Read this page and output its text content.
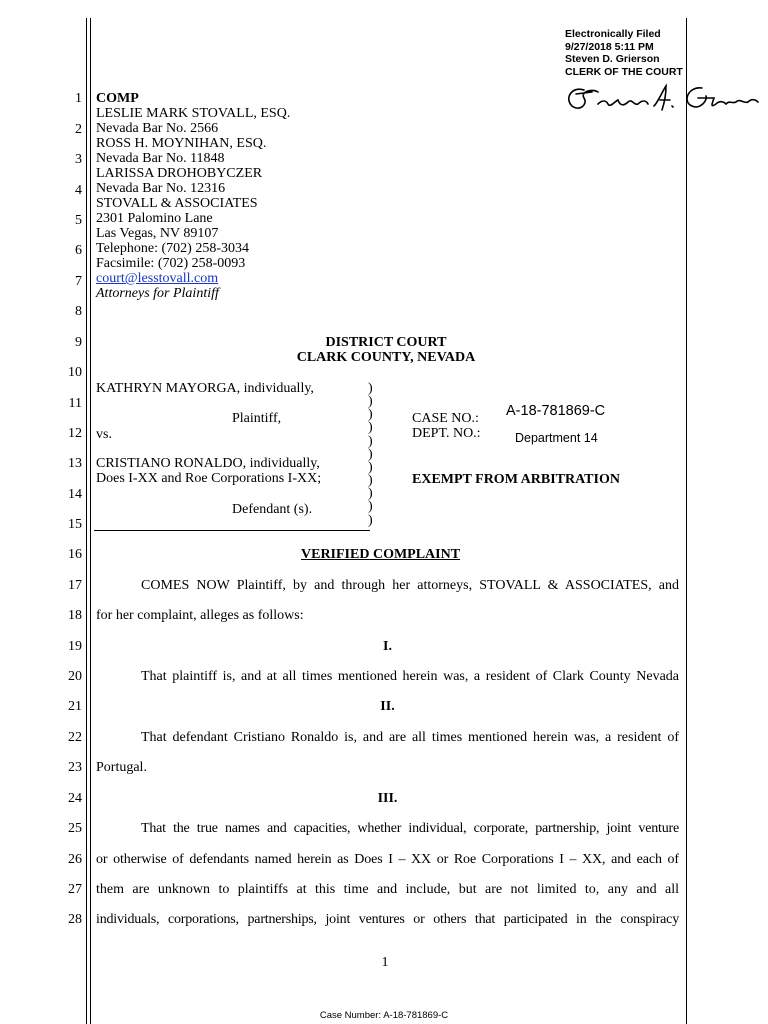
Electronically Filed
9/27/2018 5:11 PM
Steven D. Grierson
CLERK OF THE COURT
1
2
3
4
5
6
7
8
9
10
11
12
13
14
15
16
17
18
19
20
21
22
23
24
25
26
27
28
COMP
LESLIE MARK STOVALL, ESQ.
Nevada Bar No. 2566
ROSS H. MOYNIHAN, ESQ.
Nevada Bar No. 11848
LARISSA DROHOBYCZER
Nevada Bar No. 12316
STOVALL & ASSOCIATES
2301 Palomino Lane
Las Vegas, NV 89107
Telephone: (702) 258-3034
Facsimile: (702) 258-0093
court@lesstovall.com
Attorneys for Plaintiff
DISTRICT COURT
CLARK COUNTY, NEVADA
KATHRYN MAYORGA, individually,
Plaintiff,
vs.
CRISTIANO RONALDO, individually,
Does I-XX and Roe Corporations I-XX;
Defendant (s).
)
)
)
)
)
)
)
)
)
)
)
CASE NO.: A-18-781869-C
DEPT. NO.:	Department 14
EXEMPT FROM ARBITRATION
VERIFIED COMPLAINT
COMES NOW Plaintiff, by and through her attorneys, STOVALL & ASSOCIATES, and
for her complaint, alleges as follows:
I.
That plaintiff is, and at all times mentioned herein was, a resident of Clark County Nevada
II.
That defendant Cristiano Ronaldo is, and are all times mentioned herein was, a resident of
Portugal.
III.
That the true names and capacities, whether individual, corporate, partnership, joint venture
or otherwise of defendants named herein as Does I – XX or Roe Corporations I – XX, and each of
them are unknown to plaintiffs at this time and include, but are not limited to, any and all
individuals, corporations, partnerships, joint ventures or others that participated in the conspiracy
1
Case Number: A-18-781869-C
